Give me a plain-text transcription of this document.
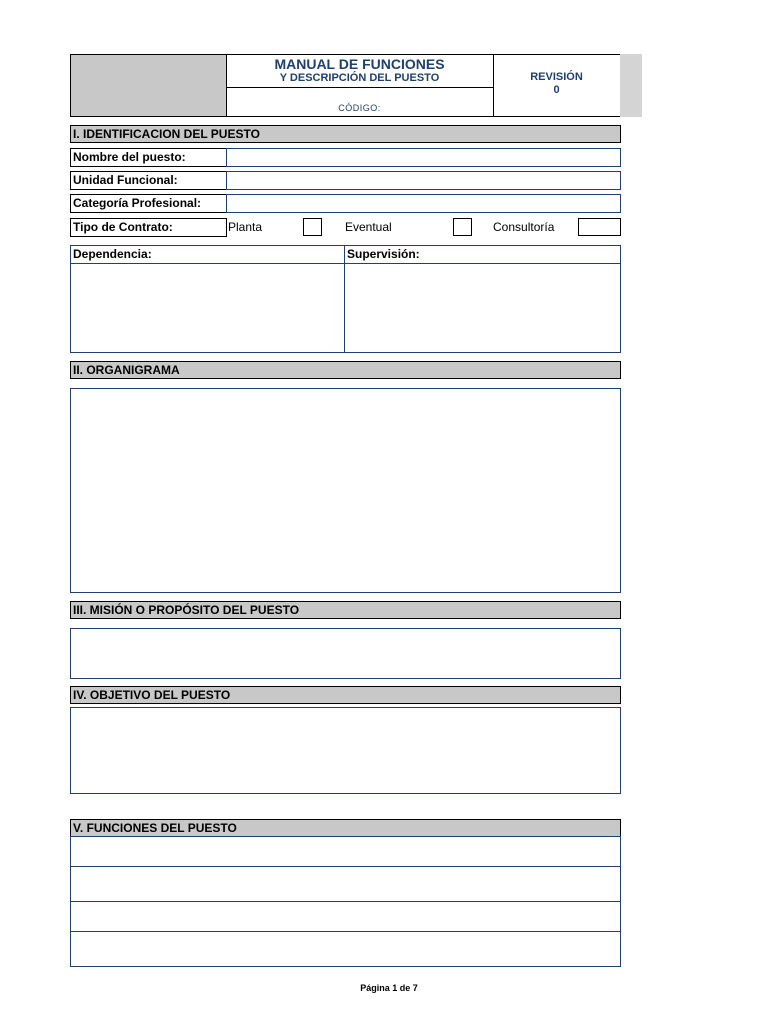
MANUAL DE FUNCIONES
Y DESCRIPCIÓN DEL PUESTO
CÓDIGO:
REVISIÓN
0
I. IDENTIFICACION DEL PUESTO
Nombre del puesto:
Unidad Funcional:
Categoría Profesional:
Tipo de Contrato:	Planta	Eventual	Consultoría
Dependencia:	Supervisión:
II. ORGANIGRAMA
III. MISIÓN O PROPÓSITO DEL PUESTO
IV. OBJETIVO DEL PUESTO
V. FUNCIONES DEL PUESTO
Página 1 de 7
